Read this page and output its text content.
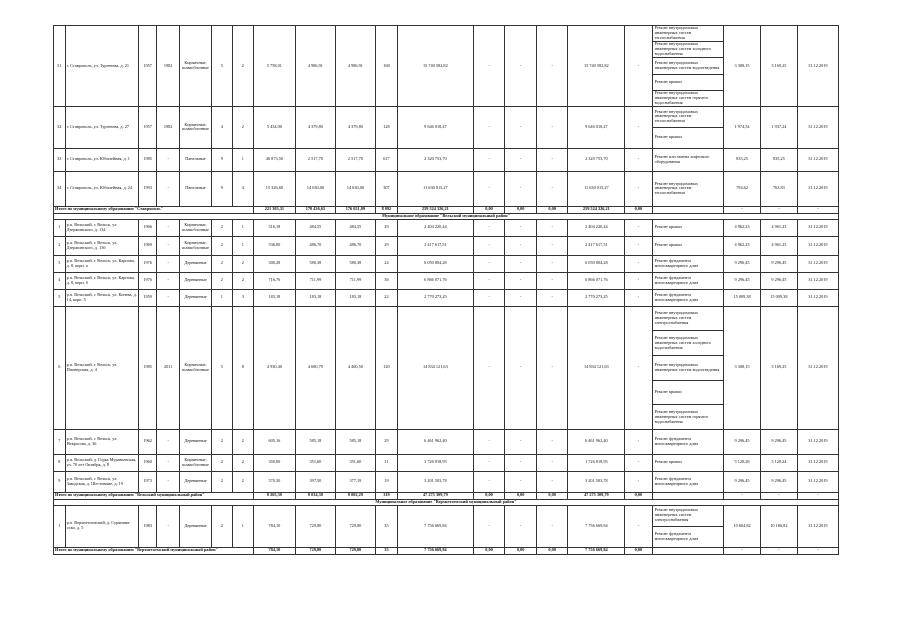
31	г. Ставрополь, ул. Тургенева, д. 21	1957	1982	Кирпичные, шлакоблочные	5	2	5 758,01	4 986,91	4 986,91	168	15 740 582,82	-	-	-	15 740 582,82	-	Ремонт внутридомовых инженерных систем теплоснабжения
Ремонт внутридомовых инженерных систем холодного водоснабжения
Ремонт внутридомовых инженерных систем водоотведения
Ремонт крыши
Ремонт внутридомовых инженерных систем горячего водоснабжения	3 308,15	3 169,25	31.12.2019
32	г. Ставрополь, ул. Тургенева, д. 27	1957	1982	Кирпичные, шлакоблочные	4	2	5 434,00	4 379,80	4 379,80	128	9 646 018,47	-	-	-	9 646 018,47	-	Ремонт внутридомовых инженерных систем теплоснабжения
Ремонт крыши	1 974,54	1 937,24	31.12.2019
33	г. Ставрополь, ул. Юбилейная, д. 1	1985	-	Панельные	9	1	46 873,50	2 517,70	2 517,70	617	2 320 753,70	-	-	-	2 320 753,70	-	Ремонт или замена лифтового оборудования	835,25	835,25	31.12.2019
34	г. Ставрополь, ул. Юбилейная, д. 24	1993	-	Панельные	9	4	15 326,60	14 630,00	14 630,00	307	11 630 015,27	-	-	-	11 630 015,27	-	Ремонт внутридомовых инженерных систем теплоснабжения	794,62	763,83	31.12.2019
Итого по муниципальному образованию "Ставрополь"							221 303,31	170 436,65	176 651,09	8 092	259 524 326,21	0,00	0,00	0,00	259 524 326,21	0,00		-	-	-
Муниципальное образование "Вельский муниципальный район"																				
1	р.п. Вельский, г. Вельск, ул. Дзержинского, д. 134	1966	-	Кирпичные, шлакоблочные	2	1	516,18	484,55	484,55	29	2 404 220,44	-	-	-	2 404 220,44	-	Ремонт крыши	4 962,23	4 961,23	31.12.2019
2	р.п. Вельский, г. Вельск, ул. Дзержинского, д. 136	1969	-	Кирпичные, шлакоблочные	2	1	536,00	486,70	486,70	29	2 417 617,51	-	-	-	2 417 617,51	-	Ремонт крыши	4 962,23	4 961,23	31.12.2019
3	р.п. Вельский, г. Вельск, ул. Карпова, д. 8, корп. а	1976	-	Деревянные	2	2	300,28	580,38	580,38	24	6 050 804,28	-	-	-	6 050 804,28	-	Ремонт фундамента многоквартирного дома	9 296,45	9 296,45	31.12.2019
4	р.п. Вельский, г. Вельск, ул. Карпова, д. 8, корп. б	1976	-	Деревянные	2	2	716,76	711,99	711,99	36	6 866 071,76	-	-	-	6 866 071,76	-	Ремонт фундамента многоквартирного дома	9 296,45	9 296,45	31.12.2019
5	р.п. Вельский, г. Вельск, ул. Конева, д. 14, корп. 5	1959	-	Деревянные	1	3	183,18	183,18	183,18	22	2 770 273,25	-	-	-	2 770 273,25	-	Ремонт фундамента многоквартирного дома	15 009,38	15 009,38	31.12.2019
6	р.п. Вельский, г. Вельск, ул. Пионерская, д. 4	1985	2011	Кирпичные, шлакоблочные	5	8	4 930,40	4 680,79	4 460,50	120	14 834 121,63	-	-	-	14 834 121,63	-	Ремонт внутридомовых инженерных систем электроснабжения
Ремонт внутридомовых инженерных систем холодного водоснабжения
Ремонт внутридомовых инженерных систем водоотведения
Ремонт крыши
Ремонт внутридомовых инженерных систем горячего водоснабжения	3 308,15	3 169,25	31.12.2019
7	р.п. Вельский, г. Вельск, ул. Некрасова, д. 36	1962	-	Деревянные	2	2	605,16	585,18	585,18	29	6 461 962,40	-	-	-	6 461 962,40	-	Ремонт фундамента многоквартирного дома	9 296,45	9 296,45	31.12.2019
8	р.п. Вельский, д. Горка Муравьевская, ул. 70 лет Октября, д. 8	1960	-	Кирпичные, шлакоблочные	2	2	350,00	351,60	351,60	11	1 726 818,95	-	-	-	1 726 818,95	-	Ремонт крыши	5 120,28	5 120,24	31.12.2019
9	р.п. Вельский, г. Вельск, ул. Заводская, д. Шестовыве, д. 19	1973	-	Деревянные	2	2	570,30	397,50	377,19	19	3 201 503,78	-	-	-	3 201 503,78	-	Ремонт фундамента многоквартирного дома	9 296,45	9 296,45	31.12.2019
Итого по муниципальному образованию "Вельский муниципальный район"							8 265,30	8 034,30	8 002,29	319	47 275 309,79	0,00	0,00	0,00	47 275 309,79	0,00		-	-	-
Муниципальное образование "Верхнетоемский муниципальный район"																				
1	р.п. Верхнетоемский, д. Сурянина-оско, д. 5	1983	-	Деревянные	2	1	784,10	729,80	729,80	35	7 756 669,84	-	-	-	7 756 669,84	-	Ремонт внутридомовых инженерных систем электроснабжения
Ремонт фундамента многоквартирного дома	10 604,82	10 186,82	31.12.2019
Итого по муниципальному образованию "Верхнетоемский муниципальный район"							784,10	729,80	729,80	35	7 756 669,84	0,00	0,00	0,00	7 756 669,84	0,00		-	-	-
